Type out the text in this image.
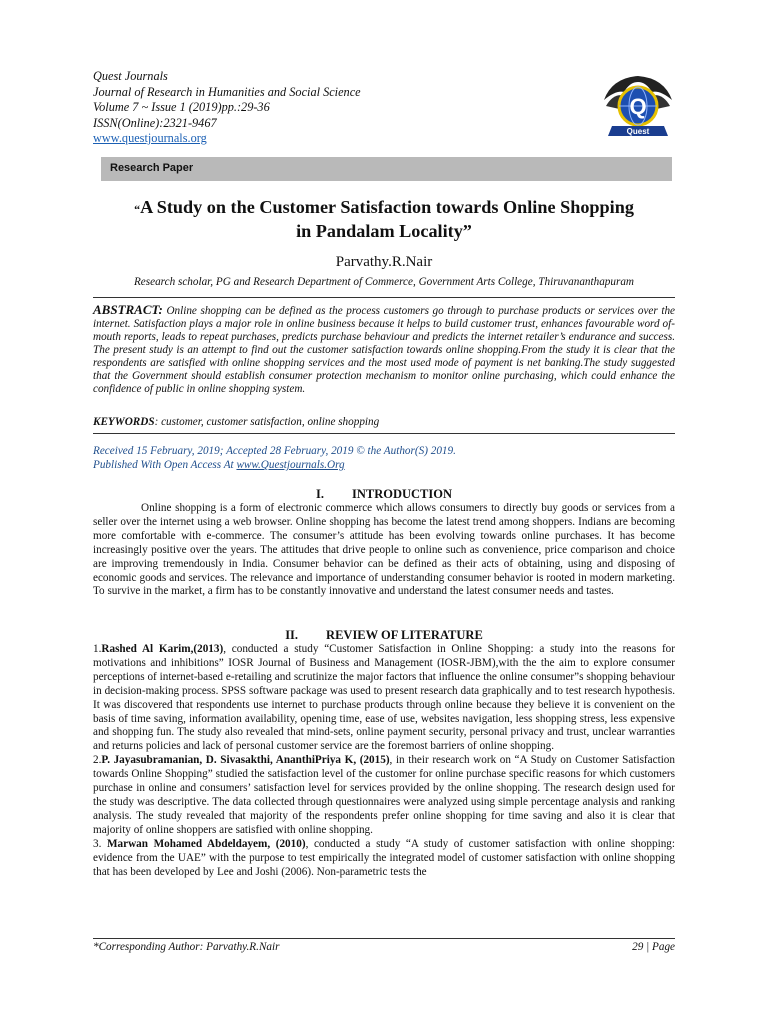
Quest Journals
Journal of Research in Humanities and Social Science
Volume 7 ~ Issue 1 (2019)pp.:29-36
ISSN(Online):2321-9467
www.questjournals.org
Q
Quest
Research Paper
“A Study on the Customer Satisfaction towards Online Shopping
in Pandalam Locality”
Parvathy.R.Nair
Research scholar, PG and Research Department of Commerce, Government Arts College, Thiruvananthapuram
ABSTRACT: Online shopping can be defined as the process customers go through to purchase products or services over the internet. Satisfaction plays a major role in online business because it helps to build customer trust, enhances favourable word of-mouth reports, leads to repeat purchases, predicts purchase behaviour and predicts the internet retailer’s endurance and success. The present study is an attempt to find out the customer satisfaction towards online shopping.From the study it is clear that the respondents are satisfied with online shopping services and the most used mode of payment is net banking.The study suggested that the Government should establish consumer protection mechanism to monitor online purchasing, which could enhance the confidence of public in online shopping system.
KEYWORDS: customer, customer satisfaction, online shopping
Received 15 February, 2019; Accepted 28 February, 2019 © the Author(S) 2019.
Published With Open Access At www.Questjournals.Org
I. INTRODUCTION

Online shopping is a form of electronic commerce which allows consumers to directly buy goods or services from a seller over the internet using a web browser. Online shopping has become the latest trend among shoppers. Indians are becoming more comfortable with e-commerce. The consumer’s attitude has been evolving towards online purchases. It has become increasingly positive over the years. The attitudes that drive people to online such as convenience, price comparison and choice are improving tremendously in India. Consumer behavior can be defined as their acts of obtaining, using and disposing of economic goods and services. The relevance and importance of understanding consumer behavior is rooted in modern marketing. To survive in the market, a firm has to be constantly innovative and understand the latest consumer needs and tastes.

II. REVIEW OF LITERATURE

1.Rashed Al Karim,(2013), conducted a study “Customer Satisfaction in Online Shopping: a study into the reasons for motivations and inhibitions” IOSR Journal of Business and Management (IOSR-JBM),with the the aim to explore consumer perceptions of internet-based e-retailing and scrutinize the major factors that influence the online consumer”s shopping behaviour in decision-making process. SPSS software package was used to present research data graphically and to test research hypothesis. It was discovered that respondents use internet to purchase products through online because they believe it is convenient on the basis of time saving, information availability, opening time, ease of use, websites navigation, less shopping stress, less expensive and shopping fun. The study also revealed that mind-sets, online payment security, personal privacy and trust, unclear warranties and returns policies and lack of personal customer service are the foremost barriers of online shopping.

2.P. Jayasubramanian, D. Sivasakthi, AnanthiPriya K, (2015), in their research work on “A Study on Customer Satisfaction towards Online Shopping” studied the satisfaction level of the customer for online purchase specific reasons for which customers purchase in online and consumers’ satisfaction level for services provided by the online shopping. The research design used for the study was descriptive. The data collected through questionnaires were analyzed using simple percentage analysis and ranking analysis. The study revealed that majority of the respondents prefer online shopping for time saving and also it is clear that majority of online shoppers are satisfied with online shopping.

3. Marwan Mohamed Abdeldayem, (2010), conducted a study “A study of customer satisfaction with online shopping: evidence from the UAE” with the purpose to test empirically the integrated model of customer satisfaction with online shopping that has been developed by Lee and Joshi (2006). Non-parametric tests the

*Corresponding Author: Parvathy.R.Nair	29 | Page
